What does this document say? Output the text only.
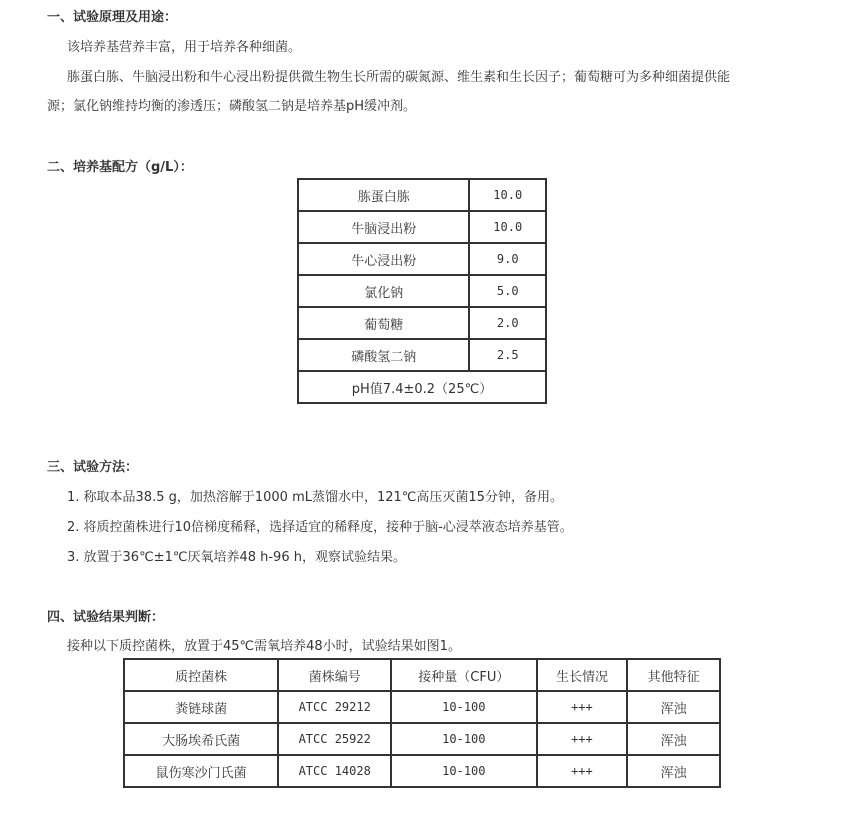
一、试验原理及用途：
该培养基营养丰富，用于培养各种细菌。
胨蛋白胨、牛脑浸出粉和牛心浸出粉提供微生物生长所需的碳氮源、维生素和生长因子；葡萄糖可为多种细菌提供能
源；氯化钠维持均衡的渗透压；磷酸氢二钠是培养基pH缓冲剂。
二、培养基配方（g/L）：
胨蛋白胨	10.0
牛脑浸出粉	10.0
牛心浸出粉	9.0
氯化钠	5.0
葡萄糖	2.0
磷酸氢二钠	2.5
pH值7.4±0.2（25℃）	
三、试验方法：
1. 称取本品38.5 g，加热溶解于1000 mL蒸馏水中，121℃高压灭菌15分钟，备用。
2. 将质控菌株进行10倍梯度稀释，选择适宜的稀释度，接种于脑-心浸萃液态培养基管。
3. 放置于36℃±1℃厌氧培养48 h-96 h，观察试验结果。
四、试验结果判断：
接种以下质控菌株，放置于45℃需氧培养48小时，试验结果如图1。
质控菌株	菌株编号	接种量（CFU）	生长情况	其他特征
粪链球菌	ATCC 29212	10-100	+++	浑浊
大肠埃希氏菌	ATCC 25922	10-100	+++	浑浊
鼠伤寒沙门氏菌	ATCC 14028	10-100	+++	浑浊
